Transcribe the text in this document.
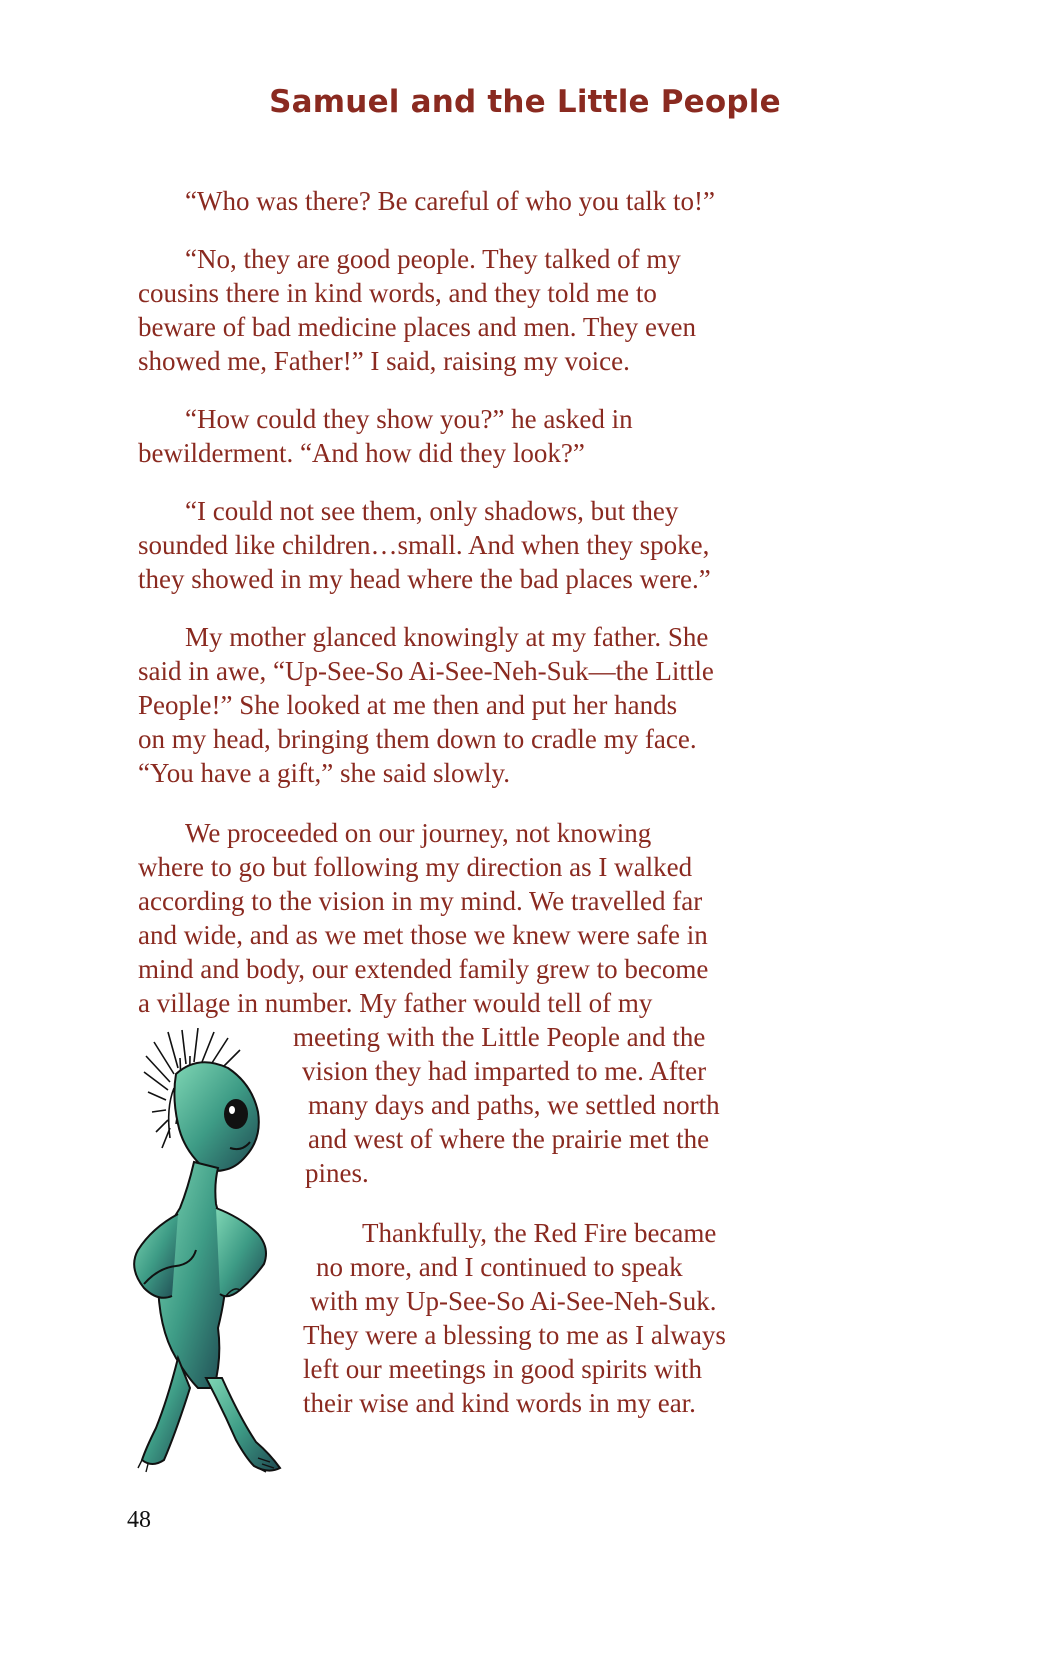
Samuel and the Little People
“Who was there? Be careful of who you talk to!”
“No, they are good people. They talked of my
cousins there in kind words, and they told me to
beware of bad medicine places and men. They even
showed me, Father!” I said, raising my voice.
“How could they show you?” he asked in
bewilderment. “And how did they look?”
“I could not see them, only shadows, but they
sounded like children…small. And when they spoke,
they showed in my head where the bad places were.”
My mother glanced knowingly at my father. She
said in awe, “Up-See-So Ai-See-Neh-Suk—the Little
People!” She looked at me then and put her hands
on my head, bringing them down to cradle my face.
“You have a gift,” she said slowly.
We proceeded on our journey, not knowing
where to go but following my direction as I walked
according to the vision in my mind. We travelled far
and wide, and as we met those we knew were safe in
mind and body, our extended family grew to become
a village in number. My father would tell of my
meeting with the Little People and the
vision they had imparted to me. After
many days and paths, we settled north
and west of where the prairie met the
pines.
Thankfully, the Red Fire became
no more, and I continued to speak
with my Up-See-So Ai-See-Neh-Suk.
They were a blessing to me as I always
left our meetings in good spirits with
their wise and kind words in my ear.
48
